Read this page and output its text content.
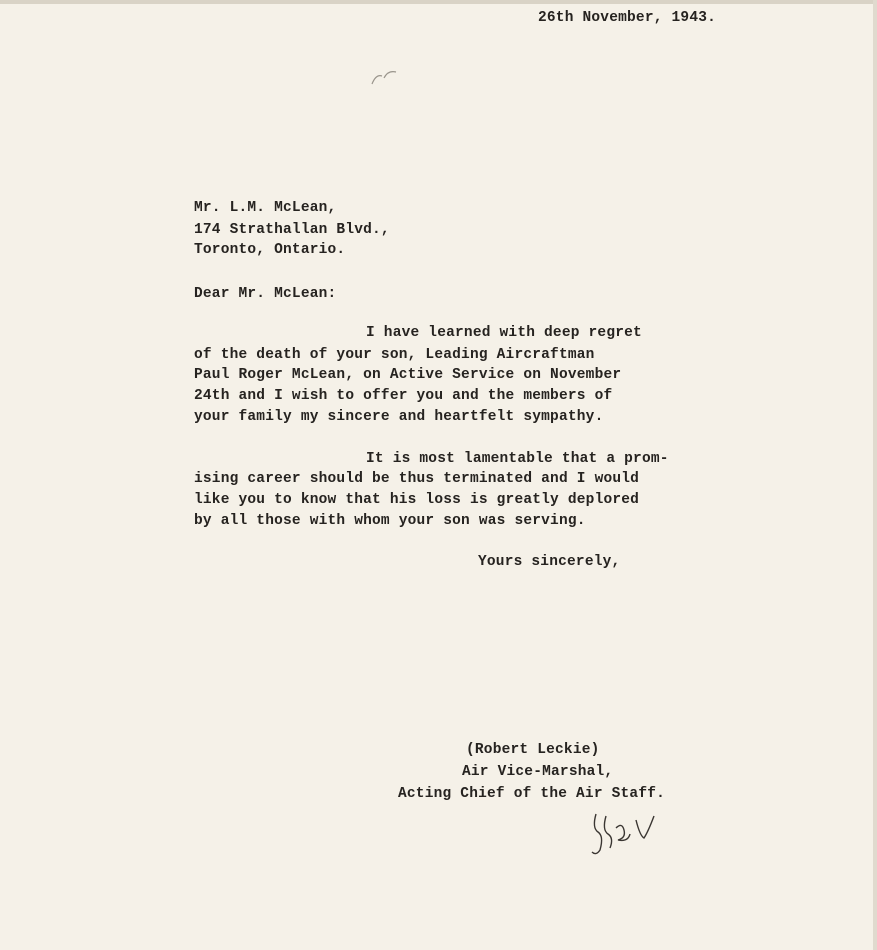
26th November, 1943.
Mr. L.M. McLean,
174 Strathallan Blvd.,
Toronto, Ontario.
Dear Mr. McLean:
I have learned with deep regret
of the death of your son, Leading Aircraftman
Paul Roger McLean, on Active Service on November
24th and I wish to offer you and the members of
your family my sincere and heartfelt sympathy.
It is most lamentable that a prom-
ising career should be thus terminated and I would
like you to know that his loss is greatly deplored
by all those with whom your son was serving.
Yours sincerely,
(Robert Leckie)
Air Vice-Marshal,
Acting Chief of the Air Staff.
